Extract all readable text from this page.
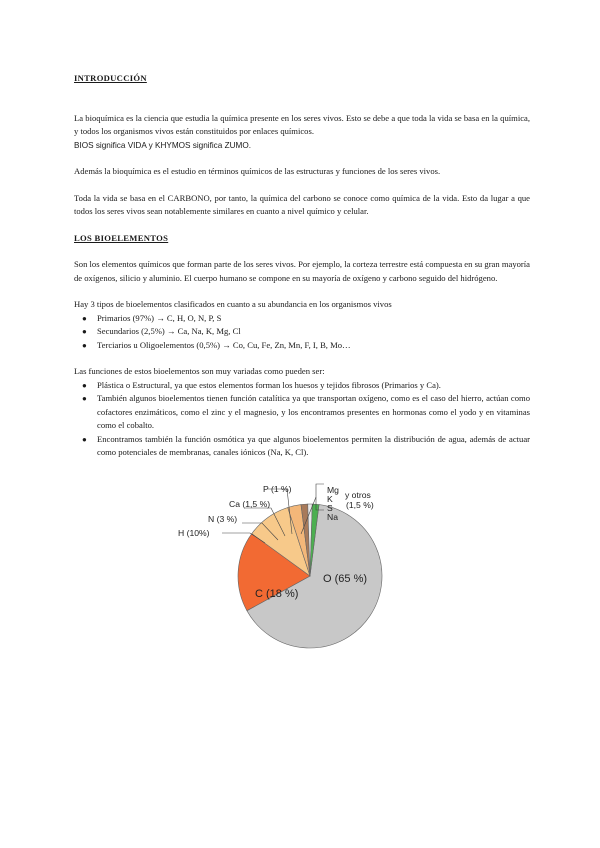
INTRODUCCIÓN

La bioquímica es la ciencia que estudia la química presente en los seres vivos. Esto se debe a que toda la vida se basa en la química, y todos los organismos vivos están constituidos por enlaces químicos.

BIOS significa VIDA y KHYMOS significa ZUMO.

Además la bioquímica es el estudio en términos químicos de las estructuras y funciones de los seres vivos.

Toda la vida se basa en el CARBONO, por tanto, la química del carbono se conoce como química de la vida. Esto da lugar a que todos los seres vivos sean notablemente similares en cuanto a nivel químico y celular.

LOS BIOELEMENTOS

Son los elementos químicos que forman parte de los seres vivos. Por ejemplo, la corteza terrestre está compuesta en su gran mayoría de oxígenos, silicio y aluminio. El cuerpo humano se compone en su mayoría de oxígeno y carbono seguido del hidrógeno.

Hay 3 tipos de bioelementos clasificados en cuanto a su abundancia en los organismos vivos

● Primarios (97%) → C, H, O, N, P, S
● Secundarios (2,5%) → Ca, Na, K, Mg, Cl
● Terciarios u Oligoelementos (0,5%) → Co, Cu, Fe, Zn, Mn, F, I, B, Mo…

Las funciones de estos bioelementos son muy variadas como pueden ser:

● Plástica o Estructural, ya que estos elementos forman los huesos y tejidos fibrosos (Primarios y Ca).
● También algunos bioelementos tienen función catalítica ya que transportan oxígeno, como es el caso del hierro, actúan como cofactores enzimáticos, como el zinc y el magnesio, y los encontramos presentes en hormonas como el yodo y en vitaminas como el cobalto.
● Encontramos también la función osmótica ya que algunos bioelementos permiten la distribución de agua, además de actuar como potenciales de membranas, canales iónicos (Na, K, Cl).
O (65 %)
C (18 %)
H (10%)
N (3 %)
Ca (1,5 %)
P (1 %)	Mg
K
S
Na
y otros
(1,5 %)
